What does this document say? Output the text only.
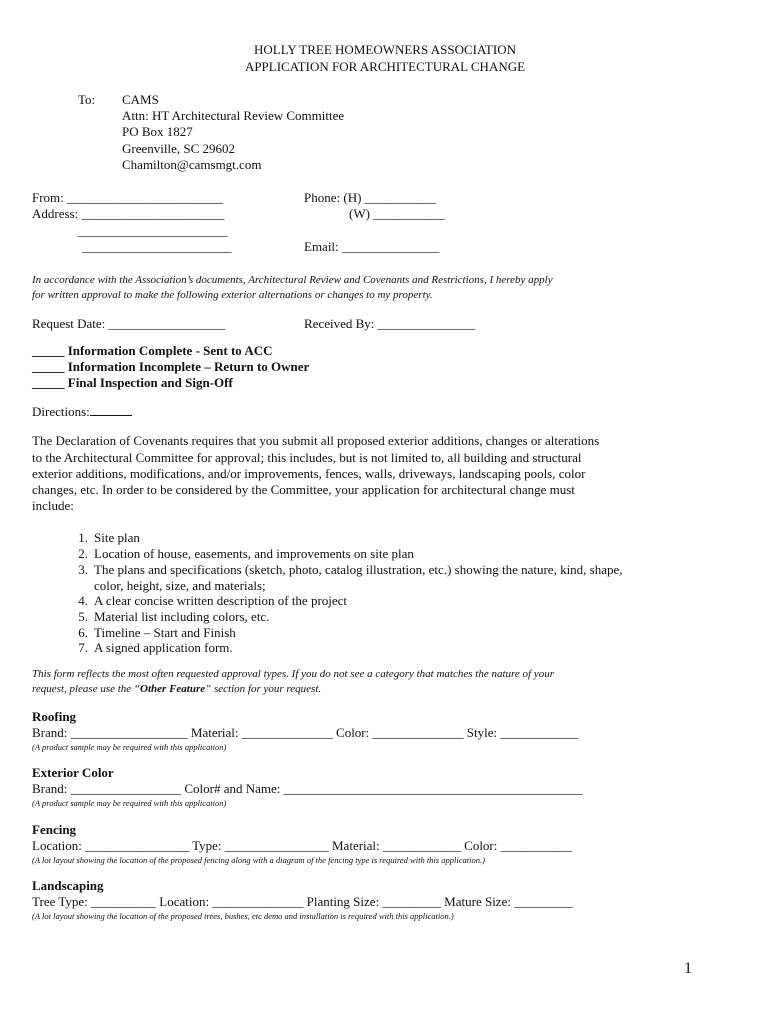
HOLLY TREE HOMEOWNERS ASSOCIATION
APPLICATION FOR ARCHITECTURAL CHANGE
To: CAMS
Attn: HT Architectural Review Committee
PO Box 1827
Greenville, SC 29602
Chamilton@camsmgt.com
From: ________________________
Address: ______________________
_______________________
_______________________
Phone: (H) ___________
(W) ___________
Email: _______________
In accordance with the Association’s documents, Architectural Review and Covenants and Restrictions, I hereby apply
for written approval to make the following exterior alternations or changes to my property.
Request Date: __________________	Received By: _______________
_____ Information Complete - Sent to ACC
_____ Information Incomplete – Return to Owner
_____ Final Inspection and Sign-Off
Directions:
The Declaration of Covenants requires that you submit all proposed exterior additions, changes or alterations
to the Architectural Committee for approval; this includes, but is not limited to, all building and structural
exterior additions, modifications, and/or improvements, fences, walls, driveways, landscaping pools, color
changes, etc. In order to be considered by the Committee, your application for architectural change must
include:
1. Site plan
2. Location of house, easements, and improvements on site plan
3. The plans and specifications (sketch, photo, catalog illustration, etc.) showing the nature, kind, shape,
color, height, size, and materials;
4. A clear concise written description of the project
5. Material list including colors, etc.
6. Timeline – Start and Finish
7. A signed application form.
This form reflects the most often requested approval types. If you do not see a category that matches the nature of your
request, please use the “Other Feature” section for your request.
Roofing
Brand: __________________ Material: ______________ Color: ______________ Style: ____________
(A product sample may be required with this application)
Exterior Color
Brand: _________________ Color# and Name: ______________________________________________
(A product sample may be required with this application)
Fencing
Location: ________________ Type: ________________ Material: ____________ Color: ___________
(A lot layout showing the location of the proposed fencing along with a diagram of the fencing type is required with this application.)
Landscaping
Tree Type: __________ Location: ______________ Planting Size: _________ Mature Size: _________
(A lot layout showing the location of the proposed trees, bushes, etc demo and installation is required with this application.)
1
